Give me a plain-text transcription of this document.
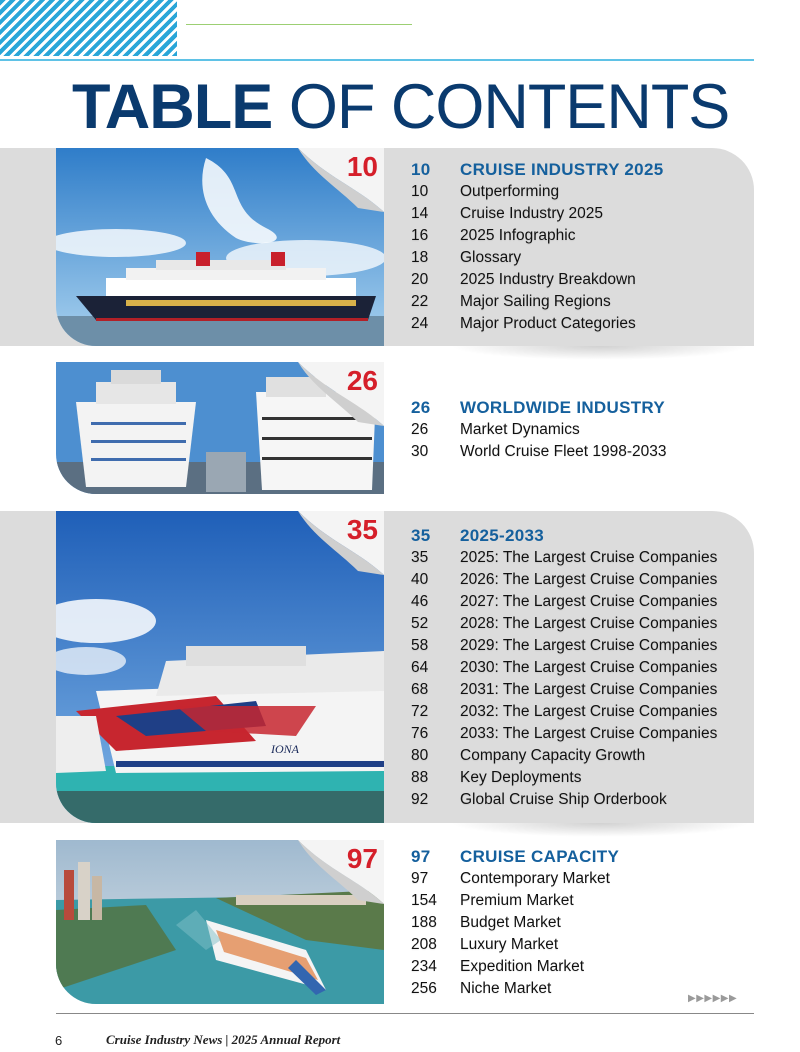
TABLE OF CONTENTS
10 10	CRUISE INDUSTRY 2025
10	Outperforming
14	Cruise Industry 2025
16	2025 Infographic
18	Glossary
20	2025 Industry Breakdown
22	Major Sailing Regions
24	Major Product Categories
26
26	WORLDWIDE INDUSTRY
26	Market Dynamics
30	World Cruise Fleet 1998-2033
IONA
35 35	2025-2033
35	2025: The Largest Cruise Companies
40	2026: The Largest Cruise Companies
46	2027: The Largest Cruise Companies
52	2028: The Largest Cruise Companies
58	2029: The Largest Cruise Companies
64	2030: The Largest Cruise Companies
68	2031: The Largest Cruise Companies
72	2032: The Largest Cruise Companies
76	2033: The Largest Cruise Companies
80	Company Capacity Growth
88	Key Deployments
92	Global Cruise Ship Orderbook
97 97	CRUISE CAPACITY
97	Contemporary Market
154	Premium Market
188	Budget Market
208	Luxury Market
234	Expedition Market
256	Niche Market
▶▶▶▶▶▶
6	Cruise Industry News | 2025 Annual Report
